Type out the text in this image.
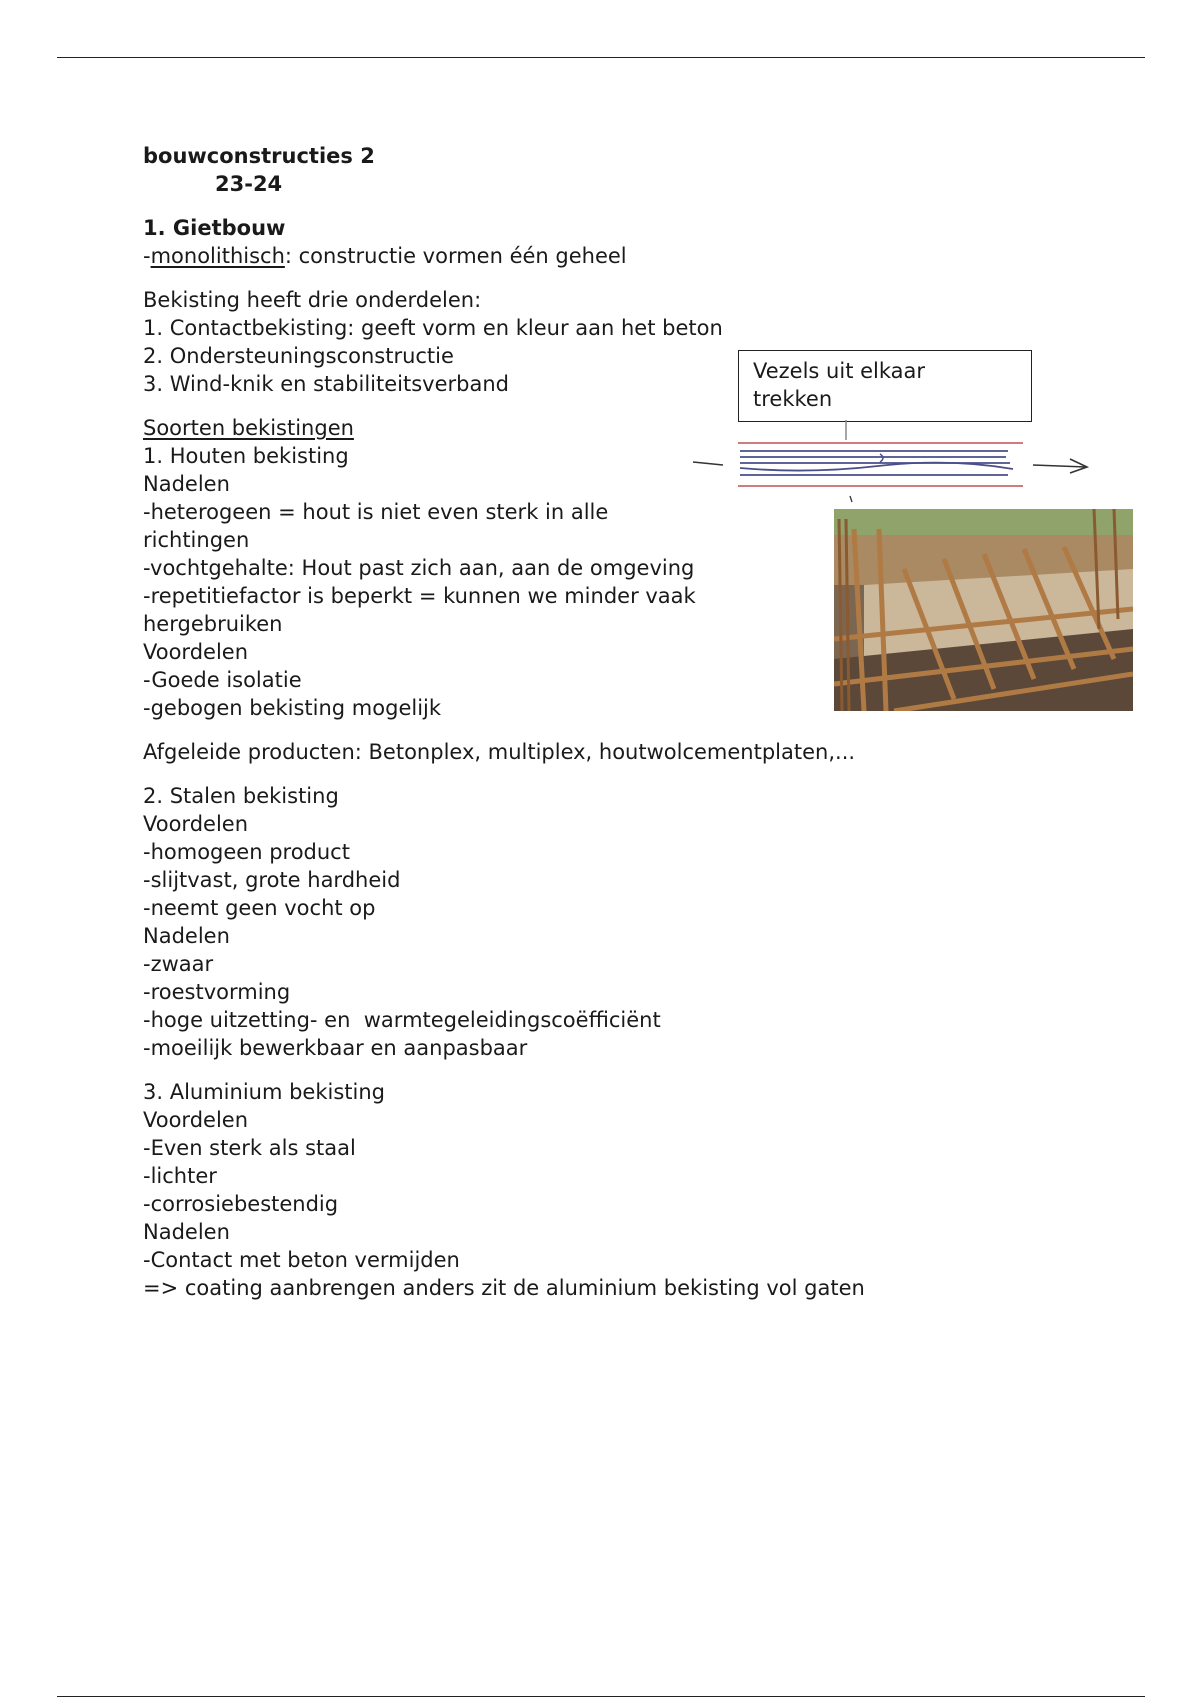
bouwconstructies 2

23-24

1. Gietbouw

-monolithisch: constructie vormen één geheel

Bekisting heeft drie onderdelen:

1. Contactbekisting: geeft vorm en kleur aan het beton

2. Ondersteuningsconstructie

3. Wind-knik en stabiliteitsverband

Soorten bekistingen

1. Houten bekisting

Nadelen

-heterogeen = hout is niet even sterk in alle

richtingen

-vochtgehalte: Hout past zich aan, aan de omgeving

-repetitiefactor is beperkt = kunnen we minder vaak

hergebruiken

Voordelen

-Goede isolatie

-gebogen bekisting mogelijk

Afgeleide producten: Betonplex, multiplex, houtwolcementplaten,...

2. Stalen bekisting

Voordelen

-homogeen product

-slijtvast, grote hardheid

-neemt geen vocht op

Nadelen

-zwaar

-roestvorming

-hoge uitzetting- en  warmtegeleidingscoëfficiënt

-moeilijk bewerkbaar en aanpasbaar

3. Aluminium bekisting

Voordelen

-Even sterk als staal

-lichter

-corrosiebestendig

Nadelen

-Contact met beton vermijden

=> coating aanbrengen anders zit de aluminium bekisting vol gaten

Vezels uit elkaar
trekken
